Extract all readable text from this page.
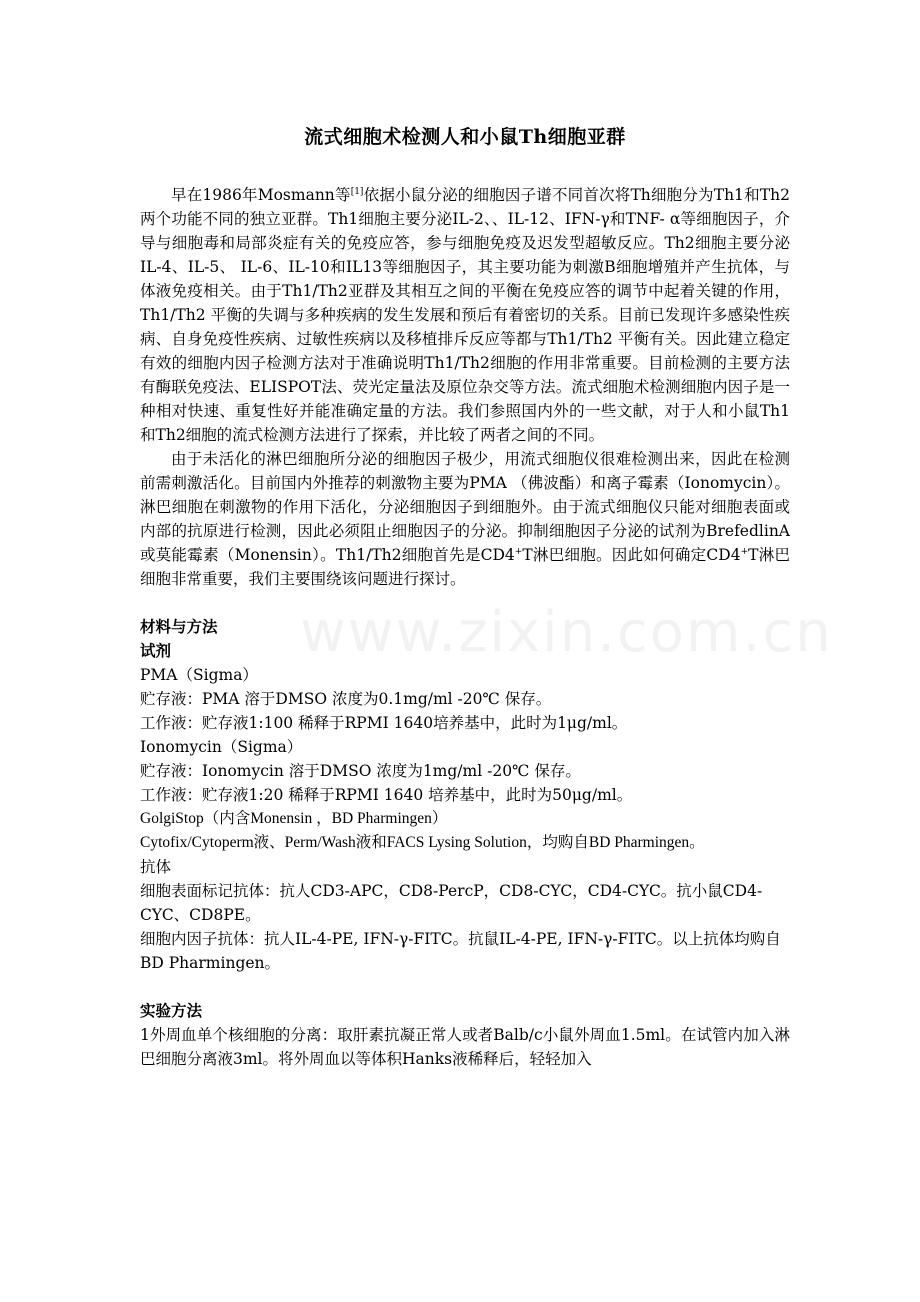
流式细胞术检测人和小鼠Th细胞亚群

早在1986年Mosmann等[1]依据小鼠分泌的细胞因子谱不同首次将Th细胞分为Th1和Th2两个功能不同的独立亚群。Th1细胞主要分泌IL-2、、IL-12、IFN-γ和TNF- α等细胞因子，介导与细胞毒和局部炎症有关的免疫应答，参与细胞免疫及迟发型超敏反应。Th2细胞主要分泌IL-4、IL-5、 IL-6、IL-10和IL13等细胞因子，其主要功能为刺激B细胞增殖并产生抗体，与体液免疫相关。由于Th1/Th2亚群及其相互之间的平衡在免疫应答的调节中起着关键的作用，Th1/Th2 平衡的失调与多种疾病的发生发展和预后有着密切的关系。目前已发现许多感染性疾病、自身免疫性疾病、过敏性疾病以及移植排斥反应等都与Th1/Th2 平衡有关。因此建立稳定有效的细胞内因子检测方法对于准确说明Th1/Th2细胞的作用非常重要。目前检测的主要方法有酶联免疫法、ELISPOT法、荧光定量法及原位杂交等方法。流式细胞术检测细胞内因子是一种相对快速、重复性好并能准确定量的方法。我们参照国内外的一些文献，对于人和小鼠Th1和Th2细胞的流式检测方法进行了探索，并比较了两者之间的不同。

由于未活化的淋巴细胞所分泌的细胞因子极少，用流式细胞仪很难检测出来，因此在检测前需刺激活化。目前国内外推荐的刺激物主要为PMA （佛波酯）和离子霉素（Ionomycin）。 淋巴细胞在刺激物的作用下活化，分泌细胞因子到细胞外。由于流式细胞仪只能对细胞表面或内部的抗原进行检测，因此必须阻止细胞因子的分泌。抑制细胞因子分泌的试剂为BrefedlinA或莫能霉素（Monensin）。Th1/Th2细胞首先是CD4+T淋巴细胞。因此如何确定CD4+T淋巴细胞非常重要，我们主要围绕该问题进行探讨。

材料与方法

试剂

PMA（Sigma）

贮存液：PMA 溶于DMSO 浓度为0.1mg/ml -20℃ 保存。

工作液：贮存液1:100 稀释于RPMI 1640培养基中，此时为1μg/ml。

Ionomycin（Sigma）

贮存液：Ionomycin 溶于DMSO 浓度为1mg/ml -20℃ 保存。

工作液：贮存液1:20 稀释于RPMI 1640 培养基中，此时为50μg/ml。

GolgiStop（内含Monensin ，BD Pharmingen）

Cytofix/Cytoperm液、Perm/Wash液和FACS Lysing Solution，均购自BD Pharmingen。

抗体

细胞表面标记抗体：抗人CD3-APC，CD8-PercP，CD8-CYC，CD4-CYC。抗小鼠CD4-CYC、CD8PE。

细胞内因子抗体：抗人IL-4-PE, IFN-γ-FITC。抗鼠IL-4-PE, IFN-γ-FITC。以上抗体均购自BD Pharmingen。

实验方法

1外周血单个核细胞的分离：取肝素抗凝正常人或者Balb/c小鼠外周血1.5ml。在试管内加入淋巴细胞分离液3ml。将外周血以等体积Hanks液稀释后，轻轻加入

www.zixin.com.cn
